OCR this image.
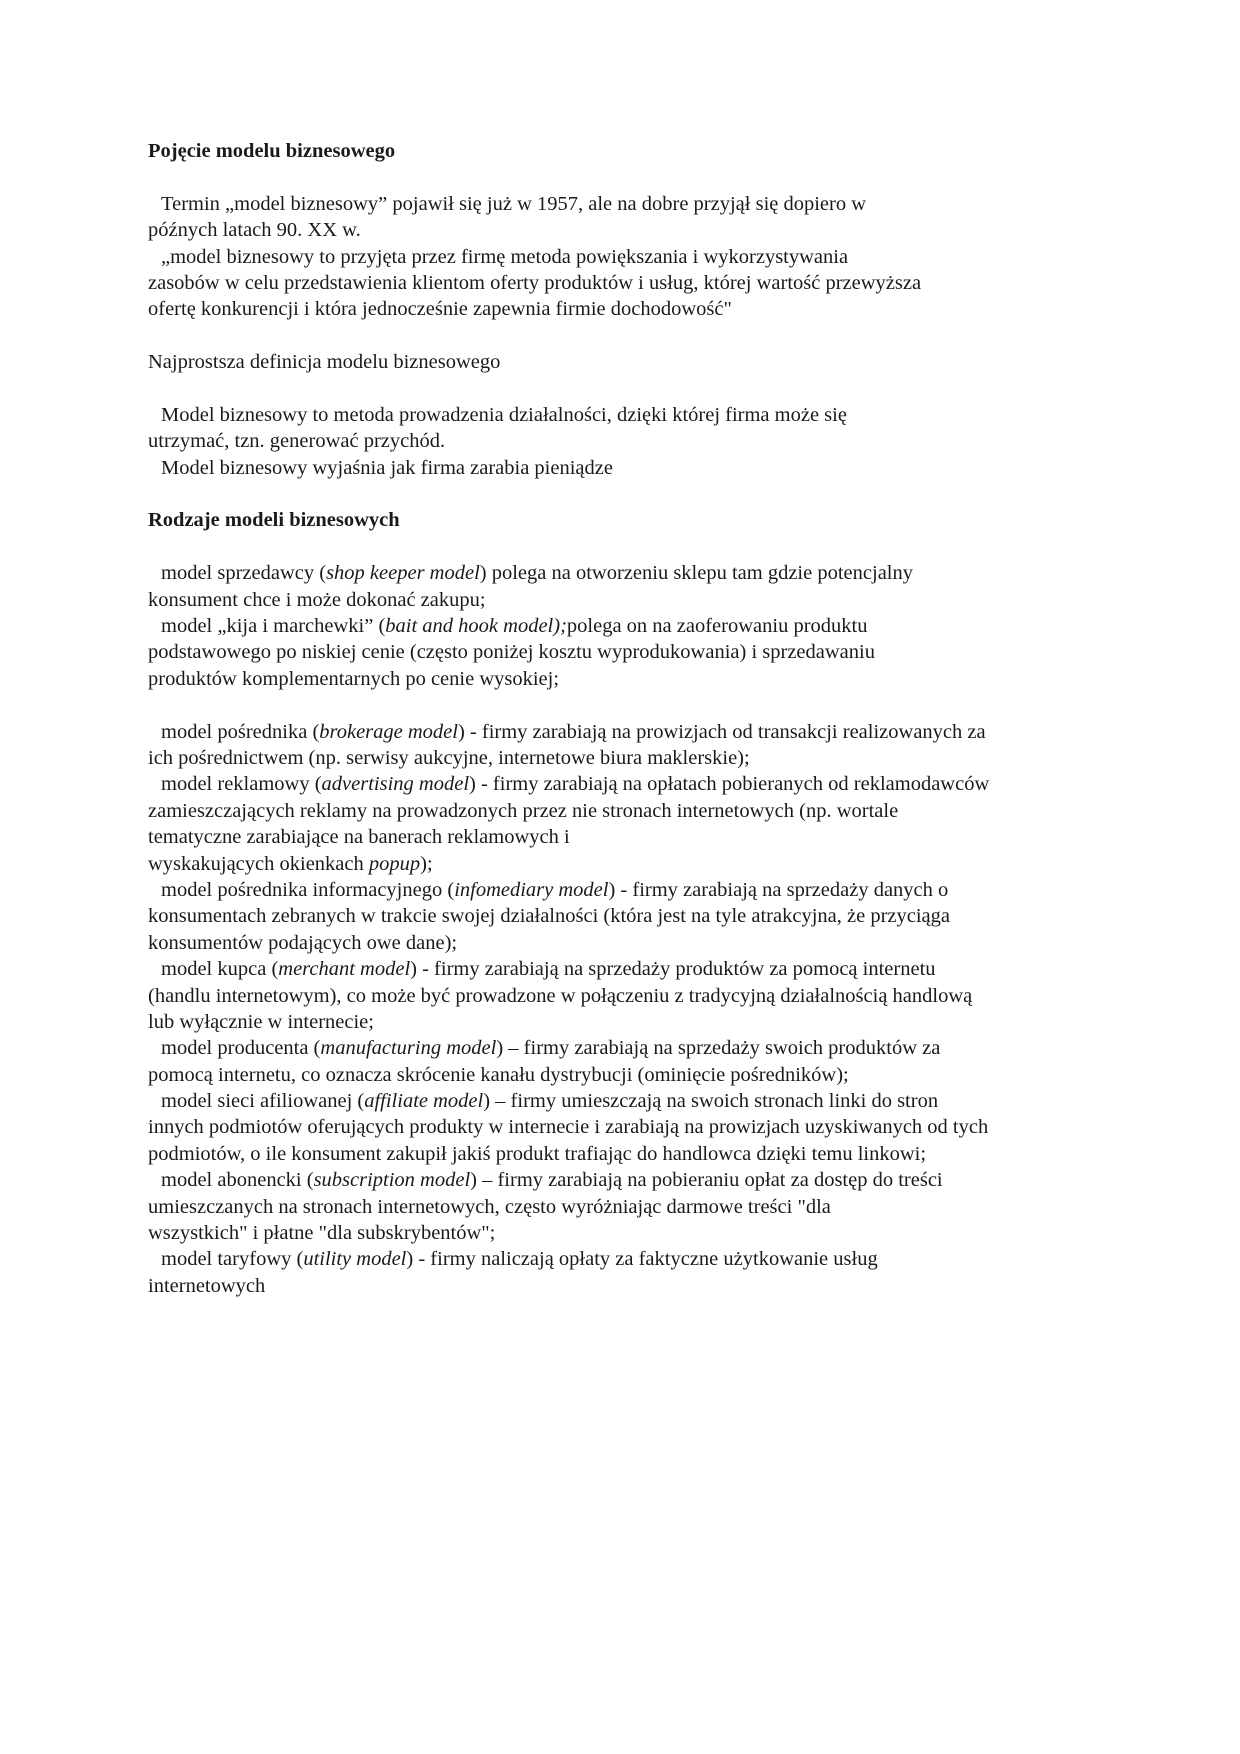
Pojęcie modelu biznesowego

Termin „model biznesowy” pojawił się już w 1957, ale na dobre przyjął się dopiero w
późnych latach 90. XX w.
„model biznesowy to przyjęta przez firmę metoda powiększania i wykorzystywania
zasobów w celu przedstawienia klientom oferty produktów i usług, której wartość przewyższa
ofertę konkurencji i która jednocześnie zapewnia firmie dochodowość"
Najprostsza definicja modelu biznesowego
Model biznesowy to metoda prowadzenia działalności, dzięki której firma może się
utrzymać, tzn. generować przychód.
Model biznesowy wyjaśnia jak firma zarabia pieniądze

Rodzaje modeli biznesowych

model sprzedawcy (shop keeper model) polega na otworzeniu sklepu tam gdzie potencjalny
konsument chce i może dokonać zakupu;
model „kija i marchewki” (bait and hook model);polega on na zaoferowaniu produktu
podstawowego po niskiej cenie (często poniżej kosztu wyprodukowania) i sprzedawaniu
produktów komplementarnych po cenie wysokiej;
model pośrednika (brokerage model) - firmy zarabiają na prowizjach od transakcji realizowanych za
ich pośrednictwem (np. serwisy aukcyjne, internetowe biura maklerskie);
model reklamowy (advertising model) - firmy zarabiają na opłatach pobieranych od reklamodawców
zamieszczających reklamy na prowadzonych przez nie stronach internetowych (np. wortale
tematyczne zarabiające na banerach reklamowych i
wyskakujących okienkach popup);
model pośrednika informacyjnego (infomediary model) - firmy zarabiają na sprzedaży danych o
konsumentach zebranych w trakcie swojej działalności (która jest na tyle atrakcyjna, że przyciąga
konsumentów podających owe dane);
model kupca (merchant model) - firmy zarabiają na sprzedaży produktów za pomocą internetu
(handlu internetowym), co może być prowadzone w połączeniu z tradycyjną działalnością handlową
lub wyłącznie w internecie;
model producenta (manufacturing model) – firmy zarabiają na sprzedaży swoich produktów za
pomocą internetu, co oznacza skrócenie kanału dystrybucji (ominięcie pośredników);
model sieci afiliowanej (affiliate model) – firmy umieszczają na swoich stronach linki do stron
innych podmiotów oferujących produkty w internecie i zarabiają na prowizjach uzyskiwanych od tych
podmiotów, o ile konsument zakupił jakiś produkt trafiając do handlowca dzięki temu linkowi;
model abonencki (subscription model) – firmy zarabiają na pobieraniu opłat za dostęp do treści
umieszczanych na stronach internetowych, często wyróżniając darmowe treści "dla
wszystkich" i płatne "dla subskrybentów";
model taryfowy (utility model) - firmy naliczają opłaty za faktyczne użytkowanie usług
internetowych
